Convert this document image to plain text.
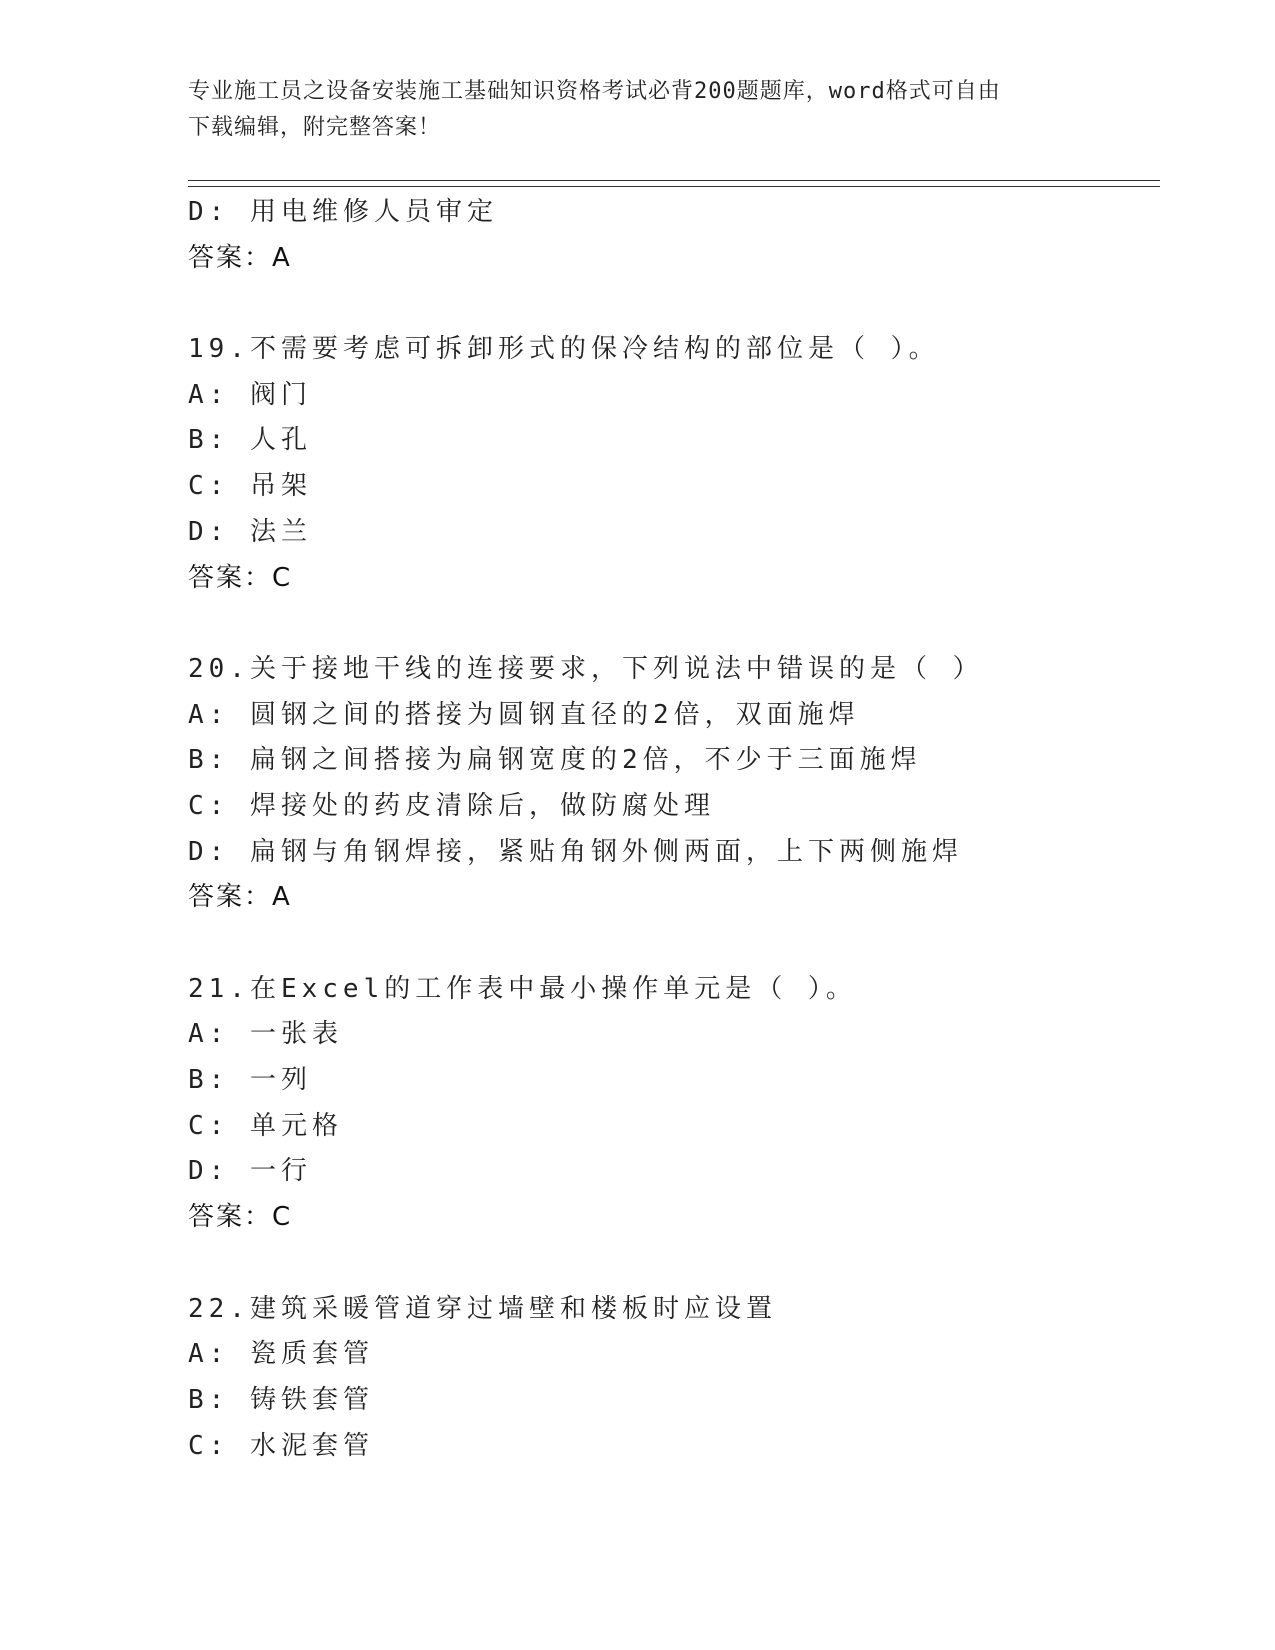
专业施工员之设备安装施工基础知识资格考试必背200题题库，word格式可自由
下载编辑，附完整答案！
D: 用电维修人员审定
答案：A
19.不需要考虑可拆卸形式的保冷结构的部位是（ ）。
A: 阀门
B: 人孔
C: 吊架
D: 法兰
答案：C
20.关于接地干线的连接要求，下列说法中错误的是（ ）
A: 圆钢之间的搭接为圆钢直径的2倍，双面施焊
B: 扁钢之间搭接为扁钢宽度的2倍，不少于三面施焊
C: 焊接处的药皮清除后，做防腐处理
D: 扁钢与角钢焊接，紧贴角钢外侧两面，上下两侧施焊
答案：A
21.在Excel的工作表中最小操作单元是（ ）。
A: 一张表
B: 一列
C: 单元格
D: 一行
答案：C
22.建筑采暖管道穿过墙壁和楼板时应设置
A: 瓷质套管
B: 铸铁套管
C: 水泥套管
